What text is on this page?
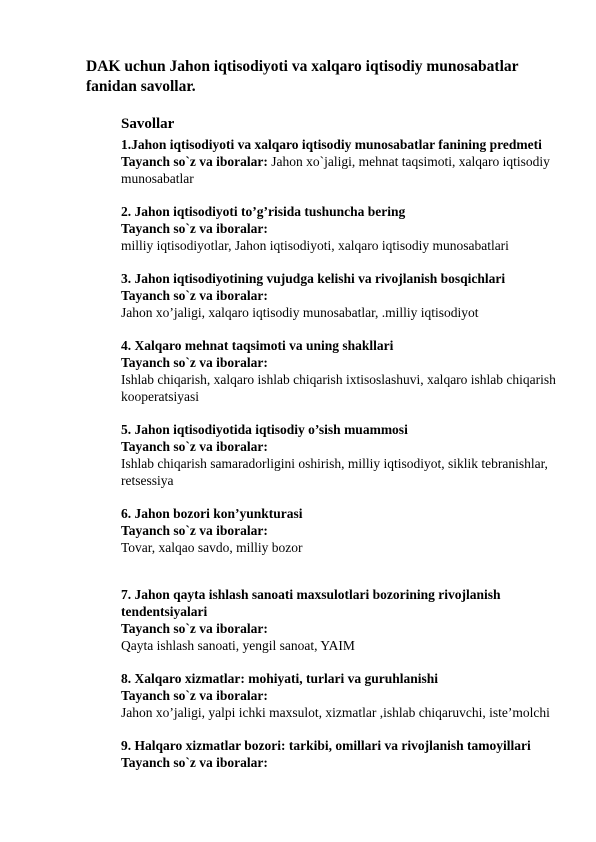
DAK uchun Jahon iqtisodiyoti va xalqaro iqtisodiy munosabatlar fanidan savollar.

Savollar

1.Jahon iqtisodiyoti va xalqaro iqtisodiy munosabatlar fanining predmeti

Tayanch so`z va iboralar: Jahon xo`jaligi, mehnat taqsimoti, xalqaro iqtisodiy munosabatlar

2. Jahon iqtisodiyoti to’g’risida tushuncha bering

Tayanch so`z va iboralar:

milliy iqtisodiyotlar, Jahon iqtisodiyoti, xalqaro iqtisodiy munosabatlari

3. Jahon iqtisodiyotining vujudga kelishi va rivojlanish bosqichlari

Tayanch so`z va iboralar:

Jahon xo’jaligi, xalqaro iqtisodiy munosabatlar, .milliy iqtisodiyot

4. Xalqaro mehnat taqsimoti va uning shakllari

Tayanch so`z va iboralar:

Ishlab chiqarish, xalqaro ishlab chiqarish ixtisoslashuvi, xalqaro ishlab chiqarish kooperatsiyasi

5. Jahon iqtisodiyotida iqtisodiy o’sish muammosi

Tayanch so`z va iboralar:

Ishlab chiqarish samaradorligini oshirish, milliy iqtisodiyot, siklik tebranishlar, retsessiya

6. Jahon bozori kon’yunkturasi

Tayanch so`z va iboralar:

Tovar, xalqao savdo, milliy bozor

7. Jahon qayta ishlash sanoati maxsulotlari bozorining rivojlanish tendentsiyalari

Tayanch so`z va iboralar:

Qayta ishlash sanoati, yengil sanoat, YAIM

8. Xalqaro xizmatlar: mohiyati, turlari va guruhlanishi

Tayanch so`z va iboralar:

Jahon xo’jaligi, yalpi ichki maxsulot, xizmatlar ,ishlab chiqaruvchi, iste’molchi

9. Halqaro xizmatlar bozori: tarkibi, omillari va rivojlanish tamoyillari

Tayanch so`z va iboralar:
